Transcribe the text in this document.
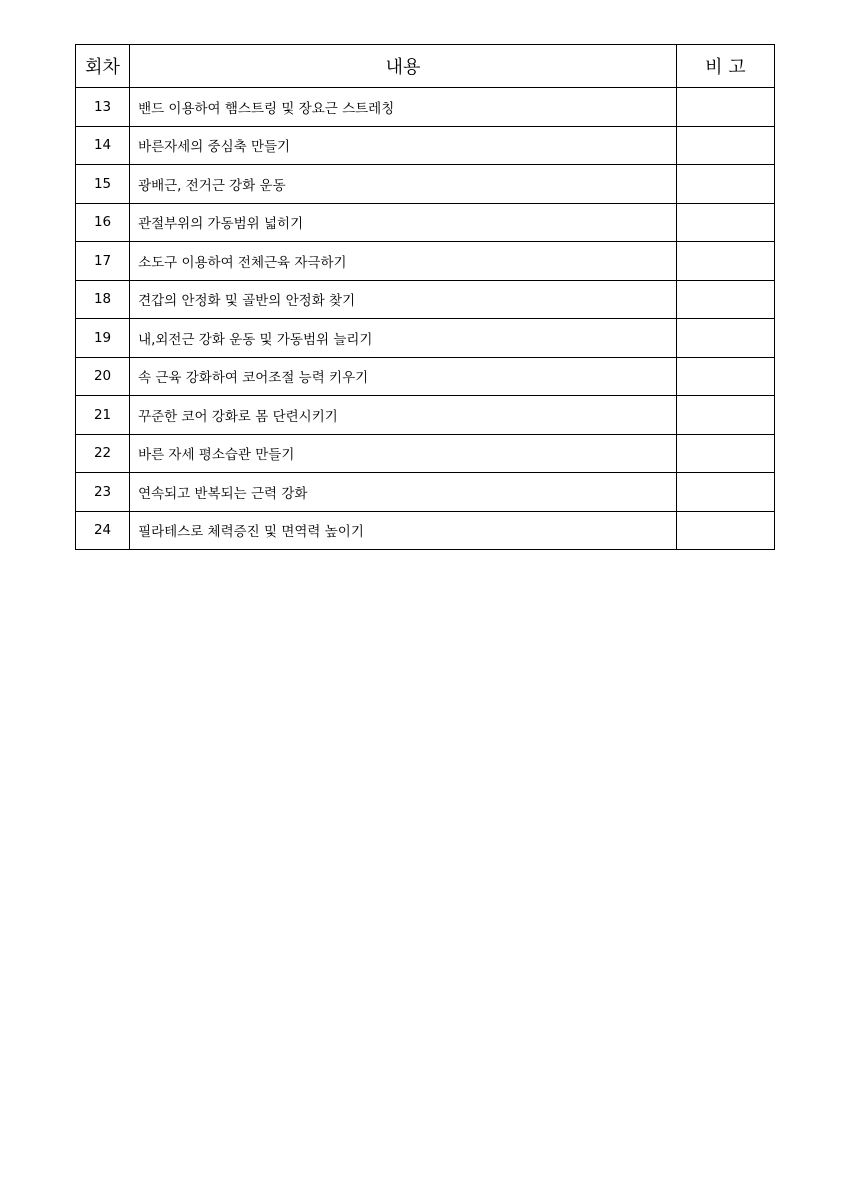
회차	내용	비 고
13	밴드 이용하여 햄스트링 및 장요근 스트레칭	
14	바른자세의 중심축 만들기	
15	광배근, 전거근 강화 운동	
16	관절부위의 가동범위 넓히기	
17	소도구 이용하여 전체근육 자극하기	
18	견갑의 안정화 및 골반의 안정화 찾기	
19	내,외전근 강화 운동 및 가동범위 늘리기	
20	속 근육 강화하여 코어조절 능력 키우기	
21	꾸준한 코어 강화로 몸 단련시키기	
22	바른 자세 평소습관 만들기	
23	연속되고 반복되는 근력 강화	
24	필라테스로 체력증진 및 면역력 높이기	
